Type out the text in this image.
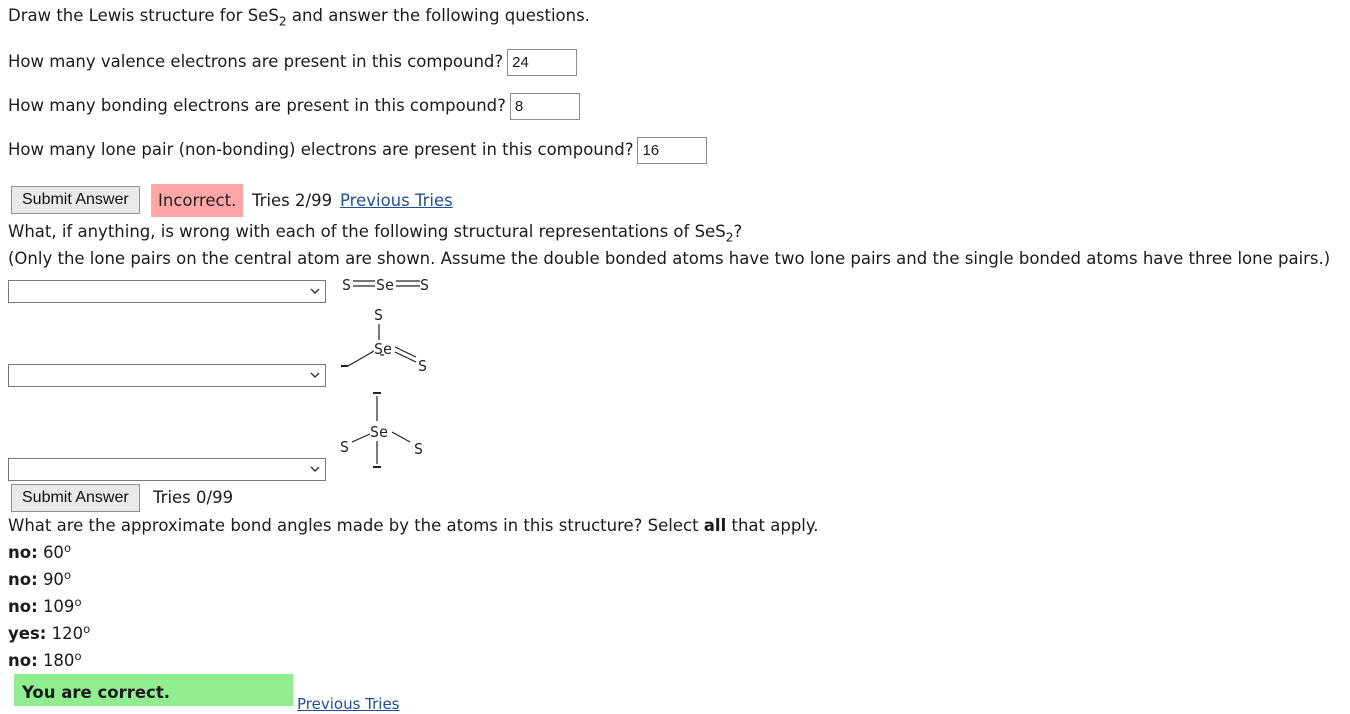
Draw the Lewis structure for SeS$_2$ and answer the following questions.
How many valence electrons are present in this compound? 24
How many bonding electrons are present in this compound? 8
How many lone pair (non-bonding) electrons are present in this compound? 16
Submit Answer	Incorrect. Tries 2/99 Previous Tries
What, if anything, is wrong with each of the following structural representations of SeS$_2$?
(Only the lone pairs on the central atom are shown. Assume the double bonded atoms have two lone pairs and the single bonded atoms have three lone pairs.)
S Se S
S
Se
S
Se
S	S
Submit Answer	Tries 0/99
What are the approximate bond angles made by the atoms in this structure? Select all that apply.
no: 60$^o$
no: 90$^o$
no: 109$^o$
yes: 120$^o$
no: 180$^o$
You are correct.
Previous Tries
